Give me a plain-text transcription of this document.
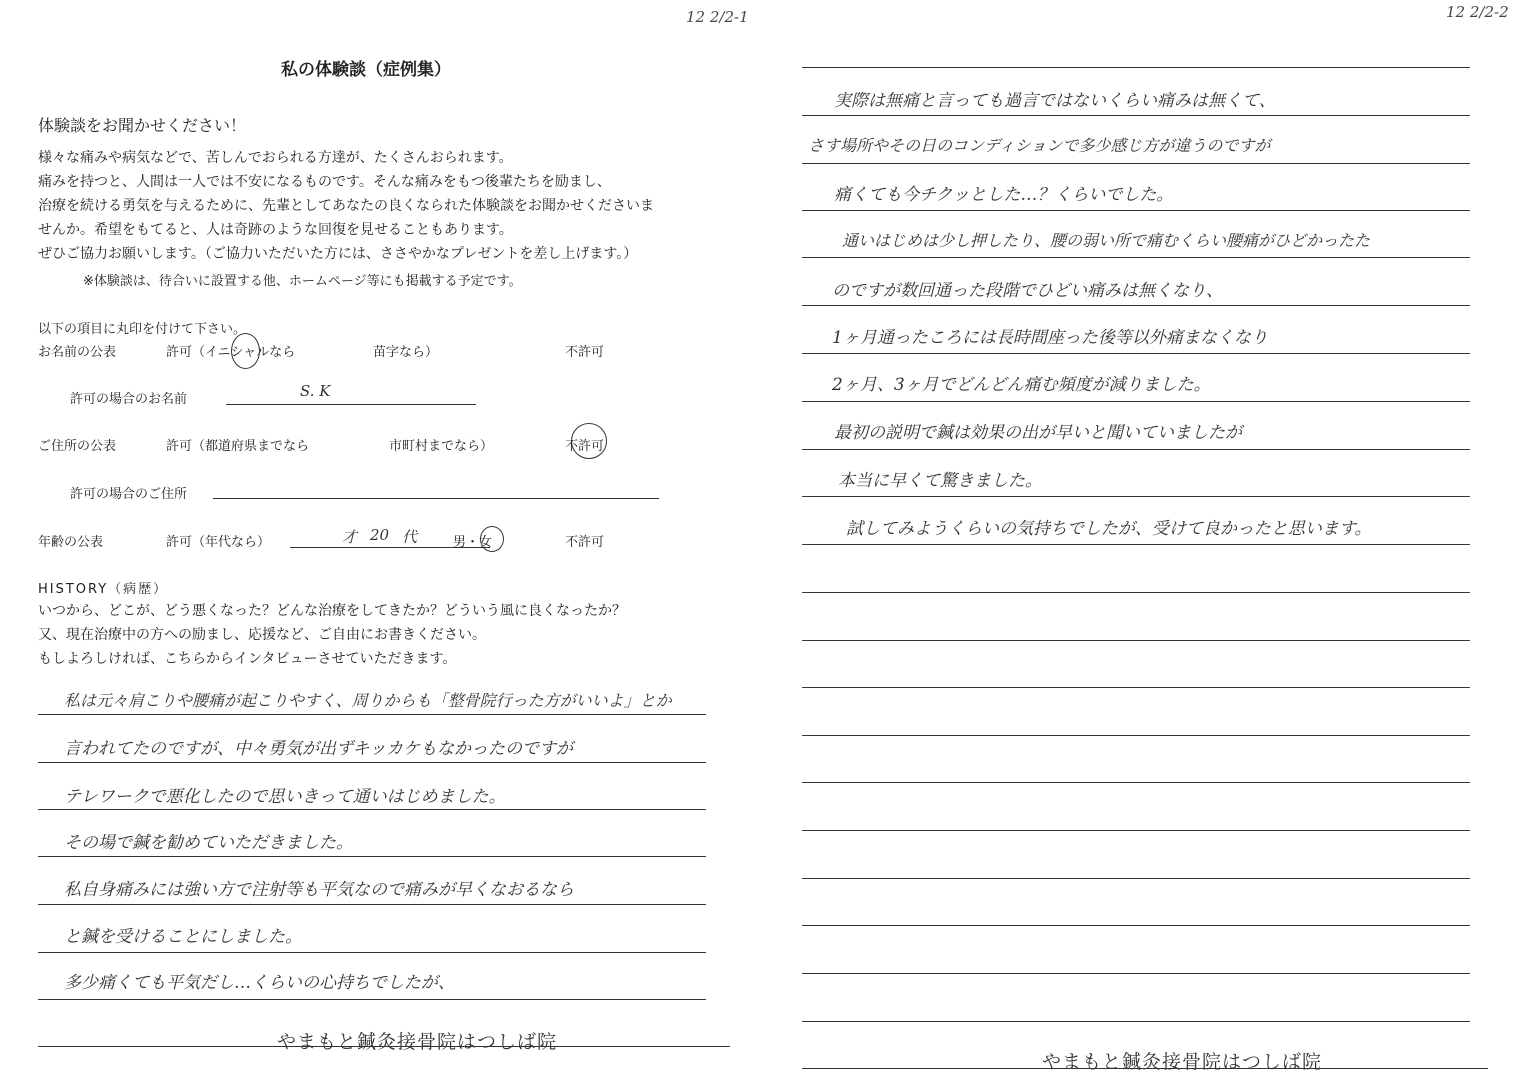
12 2/2-1
私の体験談（症例集）
体験談をお聞かせください！
様々な痛みや病気などで、苦しんでおられる方達が、たくさんおられます。
痛みを持つと、人間は一人では不安になるものです。そんな痛みをもつ後輩たちを励まし、
治療を続ける勇気を与えるために、先輩としてあなたの良くなられた体験談をお聞かせくださいま
せんか。希望をもてると、人は奇跡のような回復を見せることもあります。
ぜひご協力お願いします。（ご協力いただいた方には、ささやかなプレゼントを差し上げます。）
※体験談は、待合いに設置する他、ホームページ等にも掲載する予定です。
以下の項目に丸印を付けて下さい。
お名前の公表	許可（イニシャルなら	苗字なら）	不許可
許可の場合のお名前	S. K
ご住所の公表	許可（都道府県までなら	市町村までなら）	不許可
許可の場合のご住所
年齢の公表	許可（年代なら）	才 20 代	男・女	不許可
HISTORY（病歴）
いつから、どこが、どう悪くなった？どんな治療をしてきたか？どういう風に良くなったか？
又、現在治療中の方への励まし、応援など、ご自由にお書きください。
もしよろしければ、こちらからインタビューさせていただきます。
私は元々肩こりや腰痛が起こりやすく、周りからも「整骨院行った方がいいよ」とか
言われてたのですが、中々勇気が出ずキッカケもなかったのですが
テレワークで悪化したので思いきって通いはじめました。
その場で鍼を勧めていただきました。
私自身痛みには強い方で注射等も平気なので痛みが早くなおるなら
と鍼を受けることにしました。
多少痛くても平気だし…くらいの心持ちでしたが、
やまもと鍼灸接骨院はつしば院
12 2/2-2
実際は無痛と言っても過言ではないくらい痛みは無くて、
さす場所やその日のコンディションで多少感じ方が違うのですが
痛くても今チクッとした…？くらいでした。
通いはじめは少し押したり、腰の弱い所で痛むくらい腰痛がひどかったた
のですが数回通った段階でひどい痛みは無くなり、
1ヶ月通ったころには長時間座った後等以外痛まなくなり
2ヶ月、3ヶ月でどんどん痛む頻度が減りました。
最初の説明で鍼は効果の出が早いと聞いていましたが
本当に早くて驚きました。
試してみようくらいの気持ちでしたが、受けて良かったと思います。
やまもと鍼灸接骨院はつしば院
